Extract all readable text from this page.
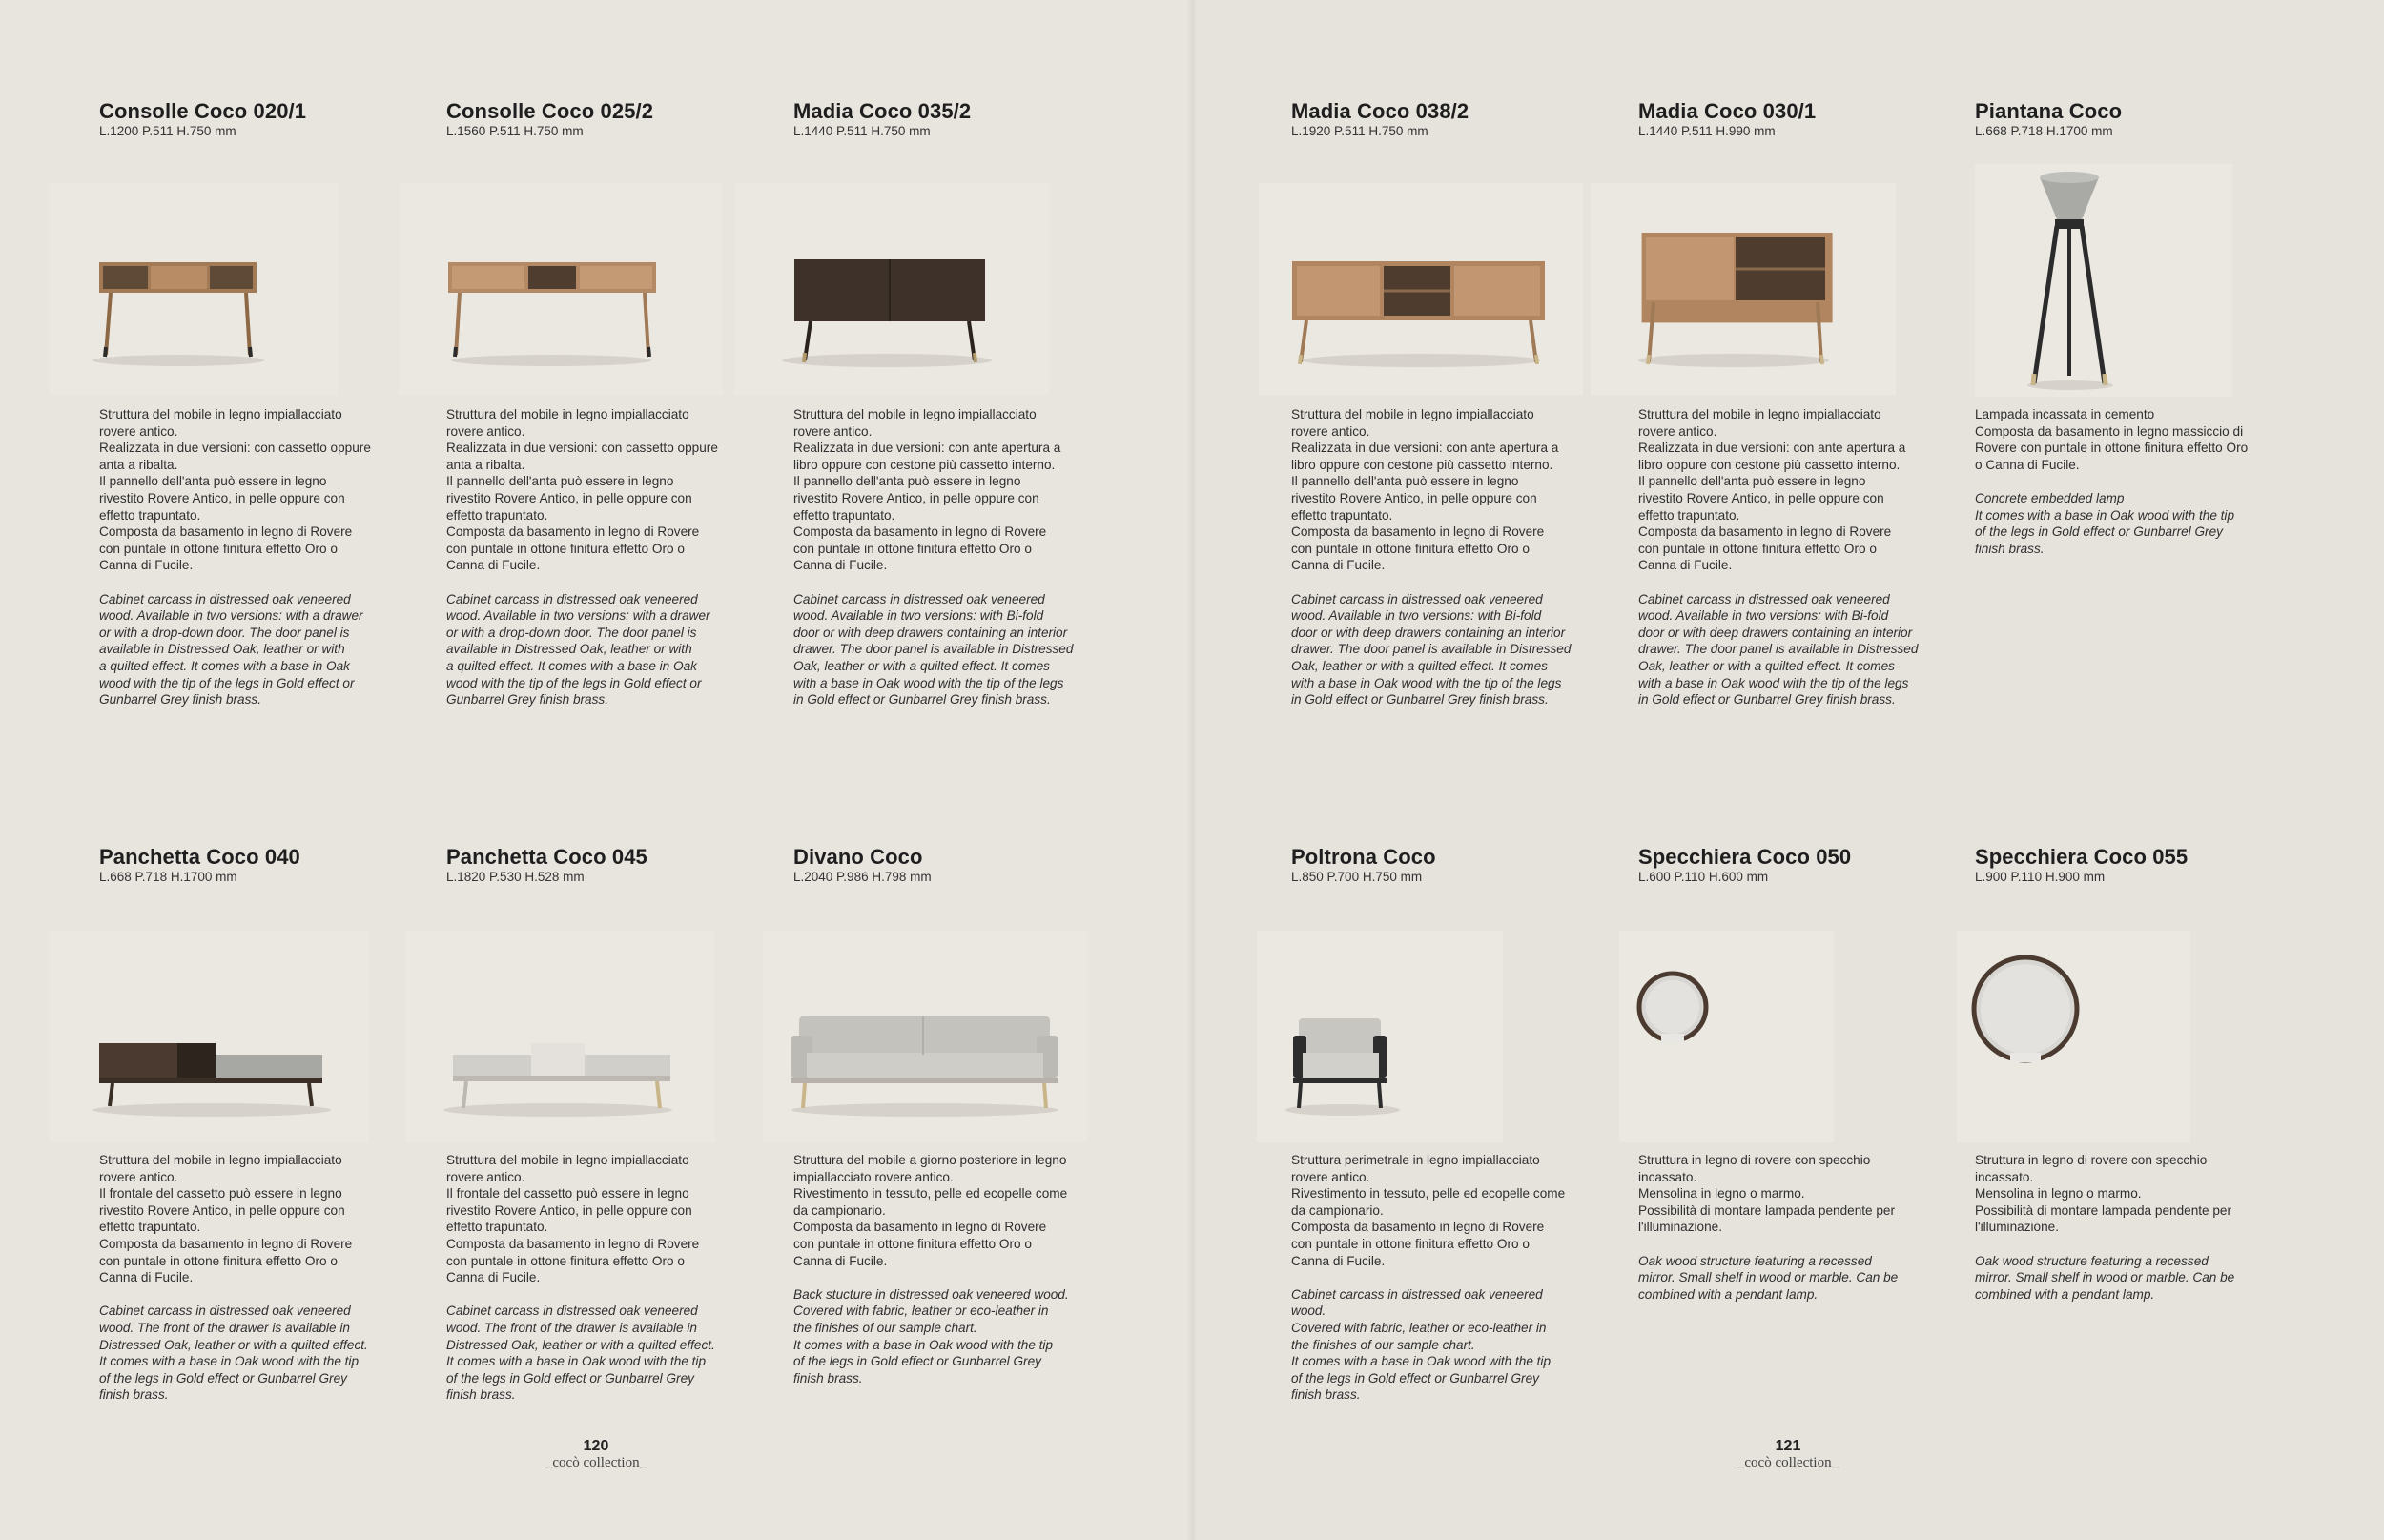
Consolle Coco 020/1
L.1200 P.511 H.750 mm

Struttura del mobile in legno impiallacciato
rovere antico.
Realizzata in due versioni: con cassetto oppure
anta a ribalta.
Il pannello dell'anta può essere in legno
rivestito Rovere Antico, in pelle oppure con
effetto trapuntato.
Composta da basamento in legno di Rovere
con puntale in ottone finitura effetto Oro o
Canna di Fucile.

Cabinet carcass in distressed oak veneered
wood. Available in two versions: with a drawer
or with a drop-down door. The door panel is
available in Distressed Oak, leather or with
a quilted effect. It comes with a base in Oak
wood with the tip of the legs in Gold effect or
Gunbarrel Grey finish brass.

Consolle Coco 025/2
L.1560 P.511 H.750 mm

Struttura del mobile in legno impiallacciato
rovere antico.
Realizzata in due versioni: con cassetto oppure
anta a ribalta.
Il pannello dell'anta può essere in legno
rivestito Rovere Antico, in pelle oppure con
effetto trapuntato.
Composta da basamento in legno di Rovere
con puntale in ottone finitura effetto Oro o
Canna di Fucile.

Cabinet carcass in distressed oak veneered
wood. Available in two versions: with a drawer
or with a drop-down door. The door panel is
available in Distressed Oak, leather or with
a quilted effect. It comes with a base in Oak
wood with the tip of the legs in Gold effect or
Gunbarrel Grey finish brass.

Madia Coco 035/2
L.1440 P.511 H.750 mm

Struttura del mobile in legno impiallacciato
rovere antico.
Realizzata in due versioni: con ante apertura a
libro oppure con cestone più cassetto interno.
Il pannello dell'anta può essere in legno
rivestito Rovere Antico, in pelle oppure con
effetto trapuntato.
Composta da basamento in legno di Rovere
con puntale in ottone finitura effetto Oro o
Canna di Fucile.

Cabinet carcass in distressed oak veneered
wood. Available in two versions: with Bi-fold
door or with deep drawers containing an interior
drawer. The door panel is available in Distressed
Oak, leather or with a quilted effect. It comes
with a base in Oak wood with the tip of the legs
in Gold effect or Gunbarrel Grey finish brass.

Madia Coco 038/2
L.1920 P.511 H.750 mm

Struttura del mobile in legno impiallacciato
rovere antico.
Realizzata in due versioni: con ante apertura a
libro oppure con cestone più cassetto interno.
Il pannello dell'anta può essere in legno
rivestito Rovere Antico, in pelle oppure con
effetto trapuntato.
Composta da basamento in legno di Rovere
con puntale in ottone finitura effetto Oro o
Canna di Fucile.

Cabinet carcass in distressed oak veneered
wood. Available in two versions: with Bi-fold
door or with deep drawers containing an interior
drawer. The door panel is available in Distressed
Oak, leather or with a quilted effect. It comes
with a base in Oak wood with the tip of the legs
in Gold effect or Gunbarrel Grey finish brass.

Madia Coco 030/1
L.1440 P.511 H.990 mm

Struttura del mobile in legno impiallacciato
rovere antico.
Realizzata in due versioni: con ante apertura a
libro oppure con cestone più cassetto interno.
Il pannello dell'anta può essere in legno
rivestito Rovere Antico, in pelle oppure con
effetto trapuntato.
Composta da basamento in legno di Rovere
con puntale in ottone finitura effetto Oro o
Canna di Fucile.

Cabinet carcass in distressed oak veneered
wood. Available in two versions: with Bi-fold
door or with deep drawers containing an interior
drawer. The door panel is available in Distressed
Oak, leather or with a quilted effect. It comes
with a base in Oak wood with the tip of the legs
in Gold effect or Gunbarrel Grey finish brass.

Piantana Coco
L.668 P.718 H.1700 mm

Lampada incassata in cemento
Composta da basamento in legno massiccio di
Rovere con puntale in ottone finitura effetto Oro
o Canna di Fucile.

Concrete embedded lamp
It comes with a base in Oak wood with the tip
of the legs in Gold effect or Gunbarrel Grey
finish brass.

Panchetta Coco 040
L.668 P.718 H.1700 mm

Struttura del mobile in legno impiallacciato
rovere antico.
Il frontale del cassetto può essere in legno
rivestito Rovere Antico, in pelle oppure con
effetto trapuntato.
Composta da basamento in legno di Rovere
con puntale in ottone finitura effetto Oro o
Canna di Fucile.

Cabinet carcass in distressed oak veneered
wood. The front of the drawer is available in
Distressed Oak, leather or with a quilted effect.
It comes with a base in Oak wood with the tip
of the legs in Gold effect or Gunbarrel Grey
finish brass.

Panchetta Coco 045
L.1820 P.530 H.528 mm

Struttura del mobile in legno impiallacciato
rovere antico.
Il frontale del cassetto può essere in legno
rivestito Rovere Antico, in pelle oppure con
effetto trapuntato.
Composta da basamento in legno di Rovere
con puntale in ottone finitura effetto Oro o
Canna di Fucile.

Cabinet carcass in distressed oak veneered
wood. The front of the drawer is available in
Distressed Oak, leather or with a quilted effect.
It comes with a base in Oak wood with the tip
of the legs in Gold effect or Gunbarrel Grey
finish brass.

Divano Coco
L.2040 P.986 H.798 mm

Struttura del mobile a giorno posteriore in legno
impiallacciato rovere antico.
Rivestimento in tessuto, pelle ed ecopelle come
da campionario.
Composta da basamento in legno di Rovere
con puntale in ottone finitura effetto Oro o
Canna di Fucile.

Back stucture in distressed oak veneered wood.
Covered with fabric, leather or eco-leather in
the finishes of our sample chart.
It comes with a base in Oak wood with the tip
of the legs in Gold effect or Gunbarrel Grey
finish brass.

Poltrona Coco
L.850 P.700 H.750 mm

Struttura perimetrale in legno impiallacciato
rovere antico.
Rivestimento in tessuto, pelle ed ecopelle come
da campionario.
Composta da basamento in legno di Rovere
con puntale in ottone finitura effetto Oro o
Canna di Fucile.

Cabinet carcass in distressed oak veneered
wood.
Covered with fabric, leather or eco-leather in
the finishes of our sample chart.
It comes with a base in Oak wood with the tip
of the legs in Gold effect or Gunbarrel Grey
finish brass.

Specchiera Coco 050
L.600 P.110 H.600 mm

Struttura in legno di rovere con specchio
incassato.
Mensolina in legno o marmo.
Possibilità di montare lampada pendente per
l'illuminazione.

Oak wood structure featuring a recessed
mirror. Small shelf in wood or marble. Can be
combined with a pendant lamp.

Specchiera Coco 055
L.900 P.110 H.900 mm

Struttura in legno di rovere con specchio
incassato.
Mensolina in legno o marmo.
Possibilità di montare lampada pendente per
l'illuminazione.

Oak wood structure featuring a recessed
mirror. Small shelf in wood or marble. Can be
combined with a pendant lamp.

120
_cocò collection_
121
_cocò collection_
